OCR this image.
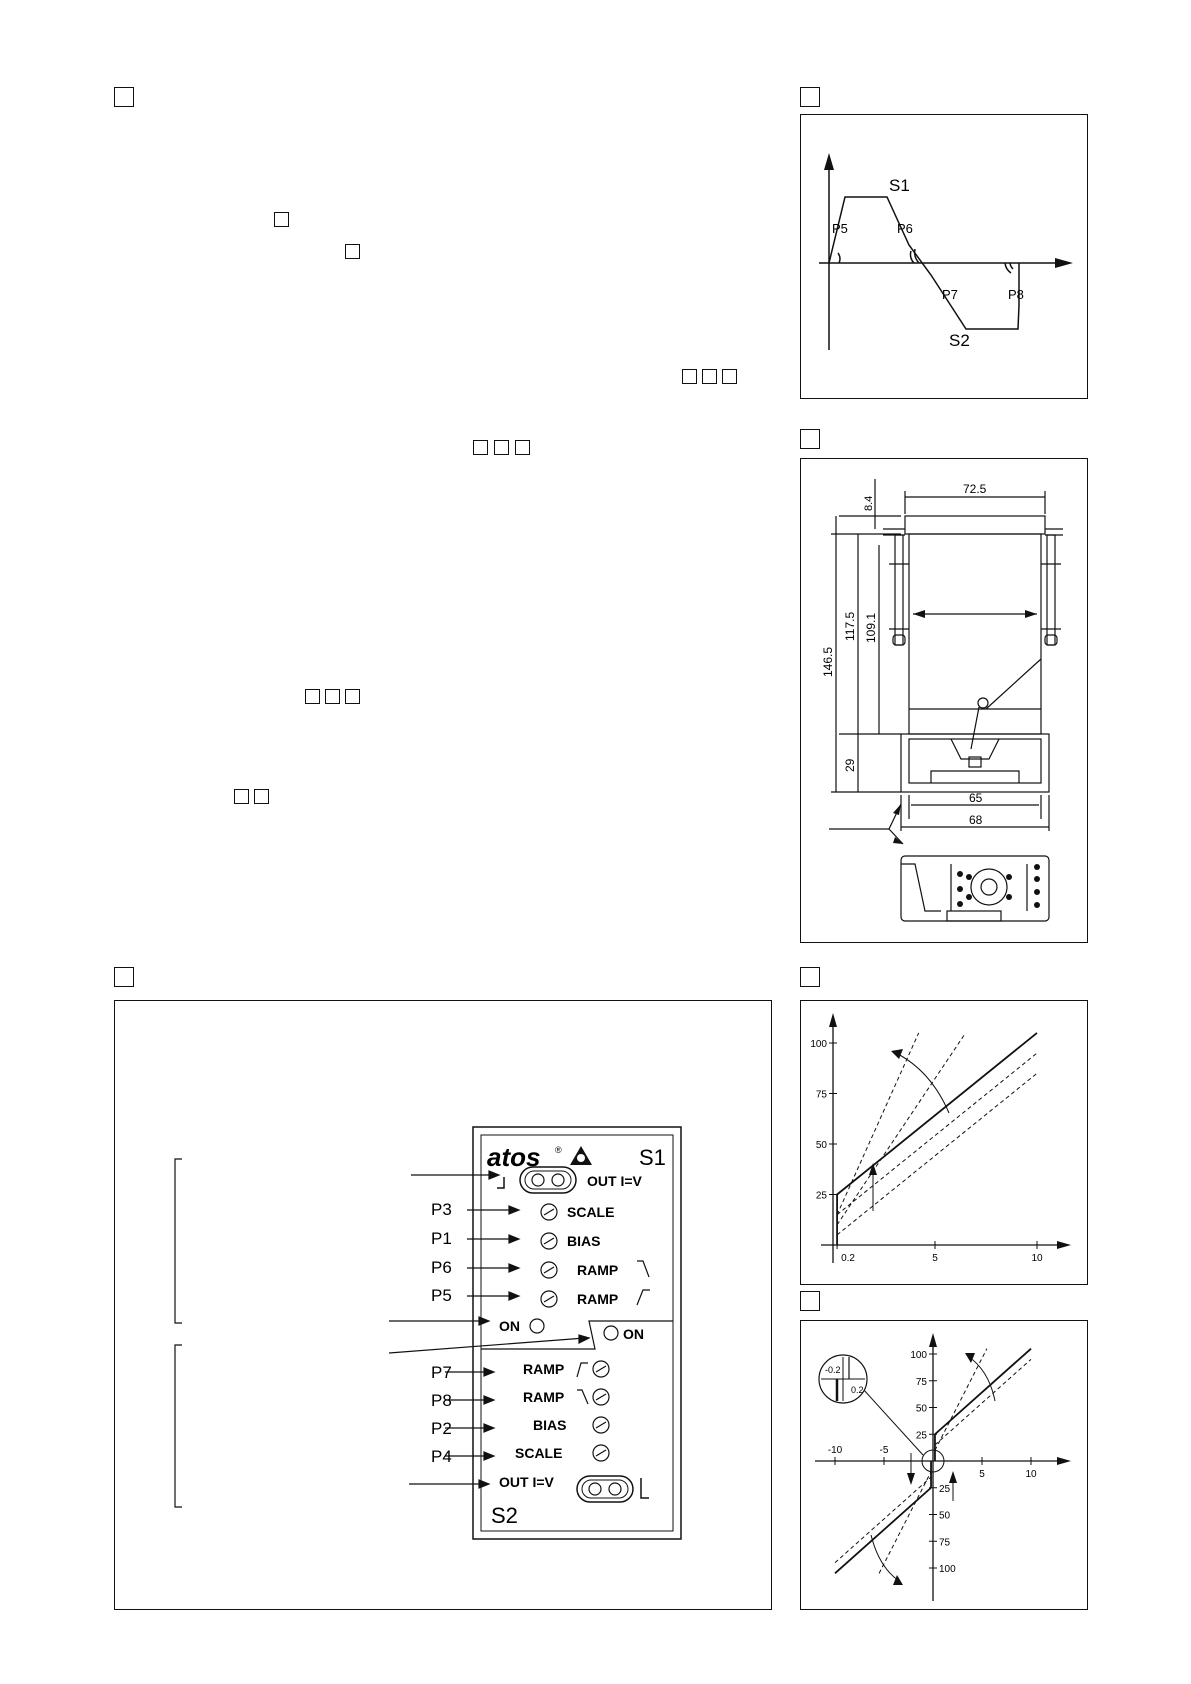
S1
S2
P5	P6
P7	P8
72.5
8.4
146.5
117.5 109.1
29
65
68
atos ®	S1
S2
OUT I=V
SCALE
BIAS
RAMP
RAMP
ON	ON
RAMP
RAMP
BIAS
SCALE
OUT I=V
P3
P1
P6
P5
P7
P8
P2
P4
25
50
75
100
0.2	5	10
25
50
75
100
25
50
75
100
-10	-5
5	10
-0.2
0.2
